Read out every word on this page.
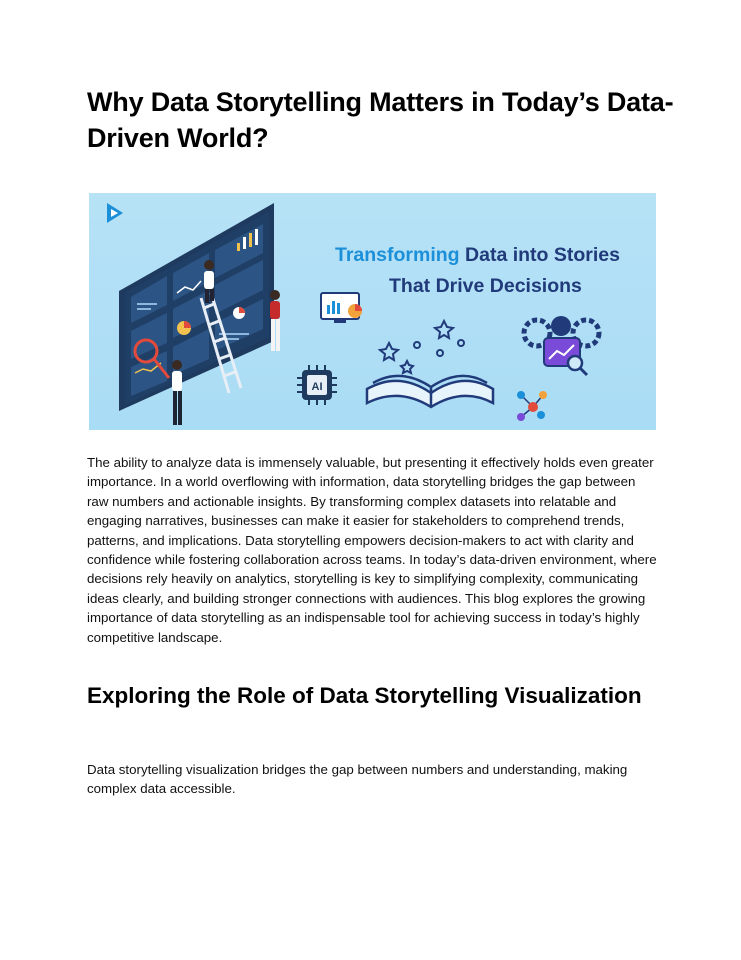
Why Data Storytelling Matters in Today’s Data-Driven World?
Transforming Data into Stories
That Drive Decisions
AI

The ability to analyze data is immensely valuable, but presenting it effectively holds even greater importance. In a world overflowing with information, data storytelling bridges the gap between raw numbers and actionable insights. By transforming complex datasets into relatable and engaging narratives, businesses can make it easier for stakeholders to comprehend trends, patterns, and implications. Data storytelling empowers decision-makers to act with clarity and confidence while fostering collaboration across teams. In today’s data-driven environment, where decisions rely heavily on analytics, storytelling is key to simplifying complexity, communicating ideas clearly, and building stronger connections with audiences. This blog explores the growing importance of data storytelling as an indispensable tool for achieving success in today’s highly competitive landscape.

Exploring the Role of Data Storytelling Visualization

Data storytelling visualization bridges the gap between numbers and understanding, making complex data accessible.
